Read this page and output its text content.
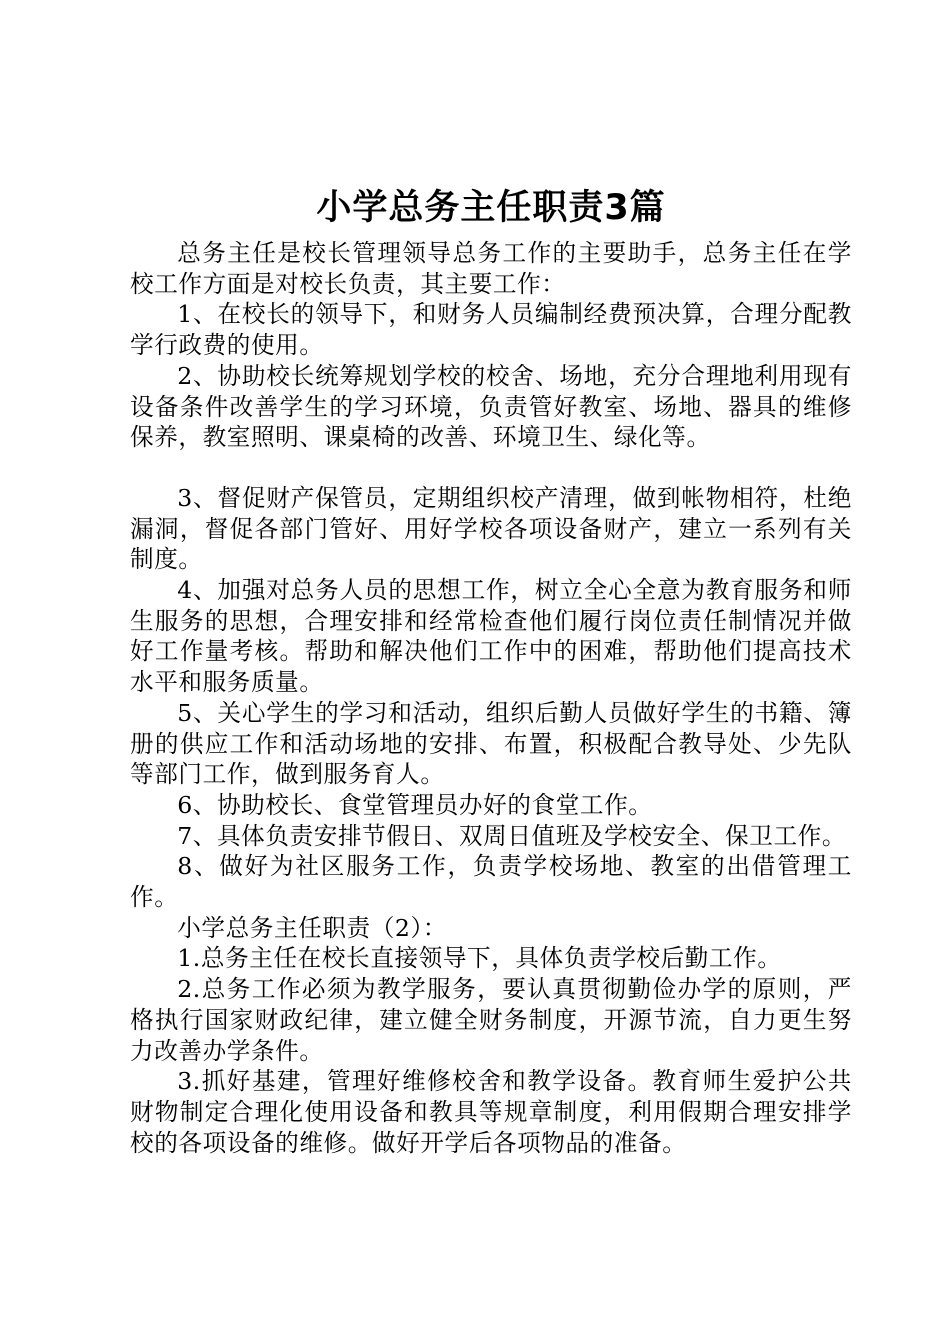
小学总务主任职责3篇

总务主任是校长管理领导总务工作的主要助手，总务主任在学校工作方面是对校长负责，其主要工作：

1、在校长的领导下，和财务人员编制经费预决算，合理分配教学行政费的使用。

2、协助校长统筹规划学校的校舍、场地，充分合理地利用现有设备条件改善学生的学习环境，负责管好教室、场地、器具的维修保养，教室照明、课桌椅的改善、环境卫生、绿化等。

3、督促财产保管员，定期组织校产清理，做到帐物相符，杜绝漏洞，督促各部门管好、用好学校各项设备财产，建立一系列有关制度。

4、加强对总务人员的思想工作，树立全心全意为教育服务和师生服务的思想，合理安排和经常检查他们履行岗位责任制情况并做好工作量考核。帮助和解决他们工作中的困难，帮助他们提高技术水平和服务质量。

5、关心学生的学习和活动，组织后勤人员做好学生的书籍、簿册的供应工作和活动场地的安排、布置，积极配合教导处、少先队等部门工作，做到服务育人。

6、协助校长、食堂管理员办好的食堂工作。

7、具体负责安排节假日、双周日值班及学校安全、保卫工作。

8、做好为社区服务工作，负责学校场地、教室的出借管理工作。

小学总务主任职责（2）：

1.总务主任在校长直接领导下，具体负责学校后勤工作。

2.总务工作必须为教学服务，要认真贯彻勤俭办学的原则，严格执行国家财政纪律，建立健全财务制度，开源节流，自力更生努力改善办学条件。

3.抓好基建，管理好维修校舍和教学设备。教育师生爱护公共财物制定合理化使用设备和教具等规章制度，利用假期合理安排学校的各项设备的维修。做好开学后各项物品的准备。
